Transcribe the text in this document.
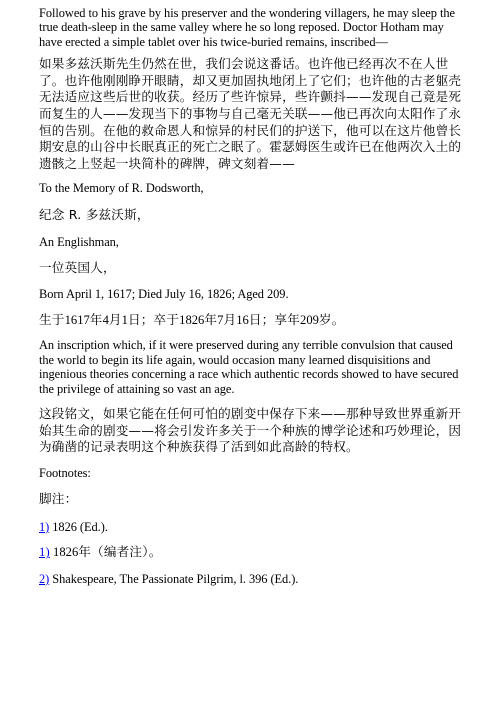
Followed to his grave by his preserver and the wondering villagers, he may sleep the true death-sleep in the same valley where he so long reposed. Doctor Hotham may have erected a simple tablet over his twice-buried remains, inscribed—

如果多兹沃斯先生仍然在世，我们会说这番话。也许他已经再次不在人世了。也许他刚刚睁开眼睛，却又更加固执地闭上了它们；也许他的古老躯壳无法适应这些后世的收获。经历了些许惊异，些许颤抖——发现自己竟是死而复生的人——发现当下的事物与自己毫无关联——他已再次向太阳作了永恒的告别。在他的救命恩人和惊异的村民们的护送下，他可以在这片他曾长期安息的山谷中长眠真正的死亡之眠了。霍瑟姆医生或许已在他两次入土的遗骸之上竖起一块简朴的碑牌，碑文刻着——

To the Memory of R. Dodsworth,

纪念 R. 多兹沃斯，

An Englishman,

一位英国人，

Born April 1, 1617; Died July 16, 1826; Aged 209.

生于1617年4月1日；卒于1826年7月16日；享年209岁。

An inscription which, if it were preserved during any terrible convulsion that caused the world to begin its life again, would occasion many learned disquisitions and ingenious theories concerning a race which authentic records showed to have secured the privilege of attaining so vast an age.

这段铭文，如果它能在任何可怕的剧变中保存下来——那种导致世界重新开始其生命的剧变——将会引发许多关于一个种族的博学论述和巧妙理论，因为确凿的记录表明这个种族获得了活到如此高龄的特权。

Footnotes:

脚注：

1) 1826 (Ed.).

1) 1826年（编者注）。

2) Shakespeare, The Passionate Pilgrim, l. 396 (Ed.).
